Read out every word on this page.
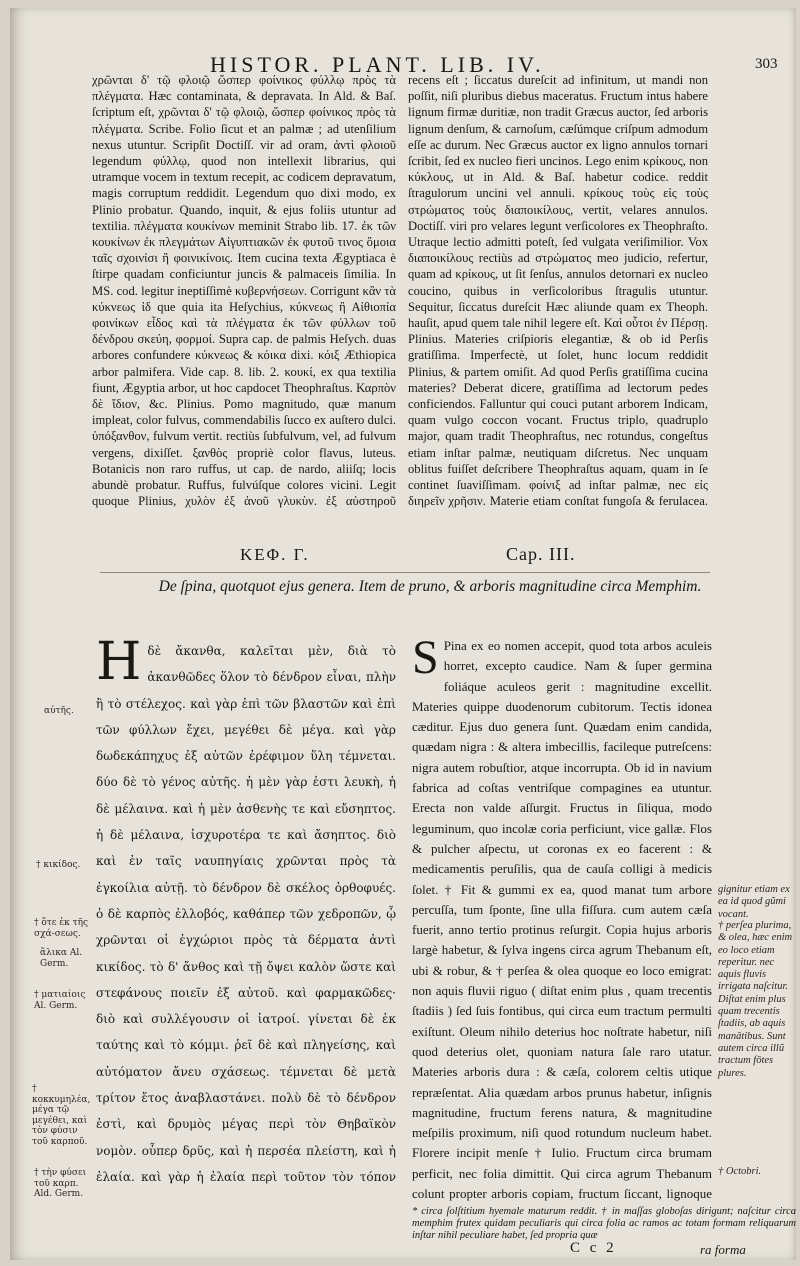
HISTOR. PLANT. LIB. IV.	303

χρῶνται δ' τῷ φλοιῷ ὥσπερ φοίνικος φύλλῳ πρὸς τὰ πλέγματα. Hæc contaminata, & depravata. In Ald. & Baſ. ſcriptum eſt, χρῶνται δ' τῷ φλοιῷ, ὥσπερ φοίνικος πρὸς τὰ πλέγματα. Scribe. Folio ſicut et an palmæ ; ad utenſilium nexus utuntur. Scripſit Doctiſſ. vir ad oram, ἀντὶ φλοιοῦ legendum φύλλῳ, quod non intellexit librarius, qui utramque vocem in textum recepit, ac codicem depravatum, magis corruptum reddidit. Legendum quo dixi modo, ex Plinio probatur. Quando, inquit, & ejus foliis utuntur ad textilia. πλέγματα κουκίνων meminit Strabo lib. 17. ἐκ τῶν κουκίνων ἐκ πλεγμάτων Αἰγυπτιακῶν ἐκ φυτοῦ τινος ὅμοια ταῖς σχοινίσι ἢ φοινικίνοις. Item cucina texta Ægyptiaca è ſtirpe quadam conficiuntur juncis & palmaceis ſimilia. In MS. cod. legitur ineptiſſimè κυβερνήσεων. Corrigunt κἂν τὰ κύκνεως ἰδ que quia ita Heſychius, κύκνεως ἢ Αἰθιοπία φοινίκων εἶδος καὶ τὰ πλέγματα ἐκ τῶν φύλλων τοῦ δένδρου σκεύη, φορμοί. Supra cap. de palmis Heſych. duas arbores confundere κύκνεως & κόικα dixi. κόιξ Æthiopica arbor palmifera. Vide cap. 8. lib. 2. κουκί, ex qua textilia fiunt, Ægyptia arbor, ut hoc capdocet Theophraſtus. Καρπὸν δὲ ἴδιον, &c. Plinius. Pomo magnitudo, quæ manum impleat, color fulvus, commendabilis ſucco ex auſtero dulci. ὑπόξανθον, fulvum vertit. rectiùs ſubfulvum, vel, ad fulvum vergens, dixiſſet. ξανθὸς propriè color flavus, luteus. Botanicis non raro ruffus, ut cap. de nardo, aliiſq; locis abundè probatur. Ruffus, fulvúſque colores vicini. Legit quoque Plinius, χυλὸν ἐξ ἀνοῦ γλυκὺν. ἐξ αὐστηροῦ

recens eſt ; ſiccatus dureſcit ad infinitum, ut mandi non poſſit, niſi pluribus diebus maceratus. Fructum intus habere lignum firmæ duritiæ, non tradit Græcus auctor, ſed arboris lignum denſum, & carnoſum, cæſúmque criſpum admodum eſſe ac durum. Nec Græcus auctor ex ligno annulos tornari ſcribit, ſed ex nucleo fieri uncinos. Lego enim κρίκους, non κύκλους, ut in Ald. & Baſ. habetur codice. reddit ſtragulorum uncini vel annuli. κρίκους τοὺς εἰς τοὺς στρώματος τοὺς διαποικίλους, vertit, velares annulos. Doctiſſ. viri pro velares legunt verſicolores ex Theophraſto. Utraque lectio admitti poteſt, ſed vulgata veriſimilior. Vox διαποικίλους rectiùs ad στρώματος meo judicio, refertur, quam ad κρίκους, ut ſit ſenſus, annulos detornari ex nucleo coucino, quibus in verſicoloribus ſtragulis utuntur. Sequitur, ſiccatus dureſcit Hæc aliunde quam ex Theoph. hauſit, apud quem tale nihil legere eſt. Καὶ οὗτοι ἐν Πέρσῃ. Plinius. Materies criſpioris elegantiæ, & ob id Perſis gratiſſima. Imperfectè, ut ſolet, hunc locum reddidit Plinius, & partem omiſit. Ad quod Perſis gratiſſima cucina materies? Deberat dicere, gratiſſima ad lectorum pedes conficiendos. Falluntur qui couci putant arborem Indicam, quam vulgo coccon vocant. Fructus triplo, quadruplo major, quam tradit Theophraſtus, nec rotundus, congeſtus etiam inſtar palmæ, neutiquam diſcretus. Nec unquam oblitus fuiſſet deſcribere Theophraſtus aquam, quam in ſe continet ſuaviſſimam. φοίνιξ ad inſtar palmæ, nec εἰς διηρεῖν χρῆσιν. Materie etiam conſtat fungoſa & ferulacea.

ΚΕΦ. Γ.	Cap. III.
De ſpina, quotquot ejus genera. Item de pruno, & arboris magnitudine circa Memphim.
Η δὲ ἄκανθα, καλεῖται μὲν, διὰ τὸ ἀκανθῶδες ὅλον τὸ δένδρον εἶναι, πλὴν ἢ τὸ στέλεχος. καὶ γὰρ ἐπὶ τῶν βλαστῶν καὶ ἐπὶ τῶν φύλλων ἔχει, μεγέθει δὲ μέγα. καὶ γὰρ δωδεκάπηχυς ἐξ αὐτῶν ἐρέφιμον ὕλη τέμνεται. δύο δὲ τὸ γένος αὐτῆς. ἡ μὲν γὰρ ἐστι λευκὴ, ἡ δὲ μέλαινα. καὶ ἡ μὲν ἀσθενὴς τε καὶ εὔσηπτος. ἡ δὲ μέλαινα, ἰσχυροτέρα τε καὶ ἄσηπτος. διὸ καὶ ἐν ταῖς ναυπηγίαις χρῶνται πρὸς τὰ ἐγκοίλια αὐτῇ. τὸ δένδρον δὲ σκέλος ὀρθοφυές. ὁ δὲ καρπὸς ἐλλοβός, καθάπερ τῶν χεδροπῶν, ᾧ χρῶνται οἱ ἐγχώριοι πρὸς τὰ δέρματα ἀντὶ κικίδος. τὸ δ' ἄνθος καὶ τῇ ὄψει καλὸν ὥστε καὶ στεφάνους ποιεῖν ἐξ αὐτοῦ. καὶ φαρμακῶδες· διὸ καὶ συλλέγουσιν οἱ ἰατροί. γίνεται δὲ ἐκ ταύτης καὶ τὸ κόμμι. ῥεῖ δὲ καὶ πληγείσης, καὶ αὐτόματον ἄνευ σχάσεως. τέμνεται δὲ μετὰ τρίτον ἔτος ἀναβλαστάνει. πολὺ δὲ τὸ δένδρον ἐστὶ, καὶ δρυμὸς μέγας περὶ τὸν Θηβαϊκὸν νομὸν. οὗπερ δρῦς, καὶ ἡ περσέα πλείστη, καὶ ἡ ἐλαία. καὶ γὰρ ἡ ἐλαία περὶ τοῦτον τὸν τόπον
αὐτῆς.
† κικίδος.
† ὅτε ἐκ τῆς σχά-σεως.
ἅλικα Al. Germ.
† ματιαίοις Al. Germ.
† κοκκυμηλέα, μέγα τῷ μεγέθει, καὶ τὸν φύσιν τοῦ καρποῦ.
† τὴν φύσει τοῦ καρπ. Ald. Germ.
S Pina ex eo nomen accepit, quod tota arbos aculeis horret, excepto caudice. Nam & ſuper germina foliáque aculeos gerit : magnitudine excellit. Materies quippe duodenorum cubitorum. Tectis idonea cæditur. Ejus duo genera ſunt. Quædam enim candida, quædam nigra : & altera imbecillis, facileque putreſcens: nigra autem robuſtior, atque incorrupta. Ob id in navium fabrica ad coſtas ventriſque compagines ea utuntur. Erecta non valde aſſurgit. Fructus in ſiliqua, modo leguminum, quo incolæ coria perficiunt, vice gallæ. Flos & pulcher aſpectu, ut coronas ex eo facerent : & medicamentis peruſilis, qua de cauſa colligi à medicis ſolet. † Fit & gummi ex ea, quod manat tum arbore percuſſa, tum ſponte, ſine ulla fiſſura. cum autem cæſa fuerit, anno tertio protinus reſurgit. Copia hujus arboris largè habetur, & ſylva ingens circa agrum Thebanum eſt, ubi & robur, & † perſea & olea quoque eo loco emigrat: non aquis fluvii riguo ( diſtat enim plus , quam trecentis ſtadiis ) ſed ſuis fontibus, qui circa eum tractum permulti exiſtunt. Oleum nihilo deterius hoc noſtrate habetur, niſi quod deterius olet, quoniam natura ſale raro utatur. Materies arboris dura : & cæſa, colorem celtis utique repræſentat. Alia quædam arbos prunus habetur, inſignis magnitudine, fructum ferens natura, & magnitudine meſpilis proximum, niſi quod rotundum nucleum habet. Florere incipit menſe † Iulio. Fructum circa brumam perficit, nec folia dimittit. Qui circa agrum Thebanum colunt propter arboris copiam, fructum ſiccant, lignoque
gignitur etiam ex ea id quod gũmi vocant.
† perſea plurima, & olea, hæc enim eo loco etiam reperitur. nec aquis fluvis irrigata naſcitur. Diſtat enim plus quam trecentis ſtadiis, ab aquis manātibus. Sunt autem circa illũ tractum fōtes plures.
† Octobri.
* circa ſolſtitium hyemale maturum reddit. † in maſſas globoſas dirigunt; naſcitur circa memphim frutex quidam peculiaris qui circa folia ac ramos ac totam formam reliquarum inſtar nihil peculiare habet, ſed propria quæ
C c 2	ra forma
